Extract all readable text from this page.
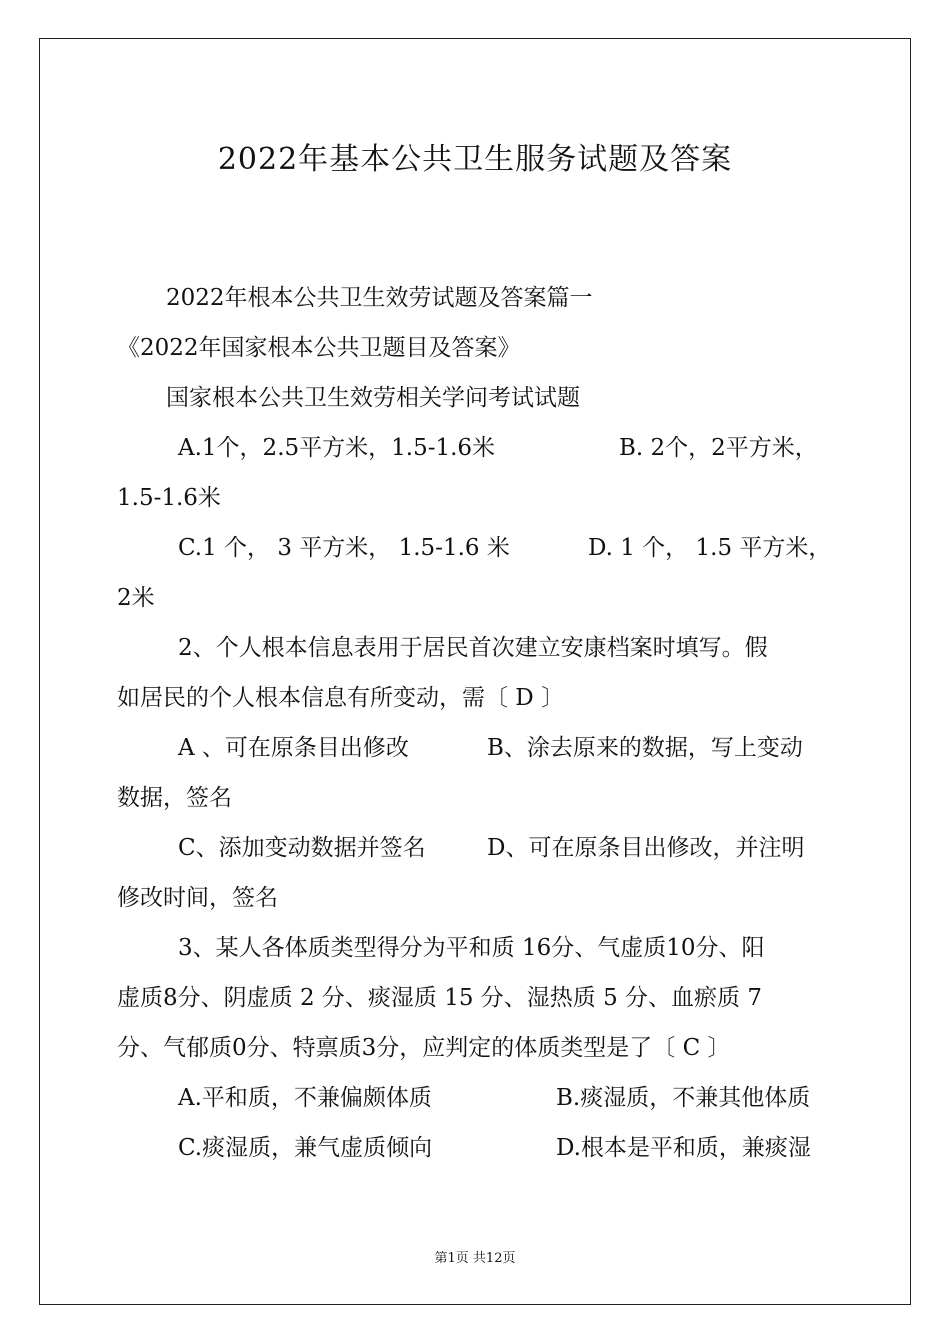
2022年基本公共卫生服务试题及答案
2022年根本公共卫生效劳试题及答案篇一
《2022年国家根本公共卫题目及答案》
国家根本公共卫生效劳相关学问考试试题
A.1个，2.5平方米，1.5-1.6米	B. 2个，2平方米，
1.5-1.6米
C.1 个， 3 平方米， 1.5-1.6 米	D. 1 个， 1.5 平方米，
2米
2、个人根本信息表用于居民首次建立安康档案时填写。假
如居民的个人根本信息有所变动，需〔 D 〕
A 、可在原条目出修改	B、涂去原来的数据，写上变动
数据，签名
C、添加变动数据并签名	D、可在原条目出修改，并注明
修改时间，签名
3、某人各体质类型得分为平和质 16分、气虚质10分、阳
虚质8分、阴虚质 2 分、痰湿质 15 分、湿热质 5 分、血瘀质 7
分、气郁质0分、特禀质3分，应判定的体质类型是了〔 C 〕
A.平和质，不兼偏颇体质	B.痰湿质，不兼其他体质
C.痰湿质，兼气虚质倾向	D.根本是平和质，兼痰湿
第1页 共12页
